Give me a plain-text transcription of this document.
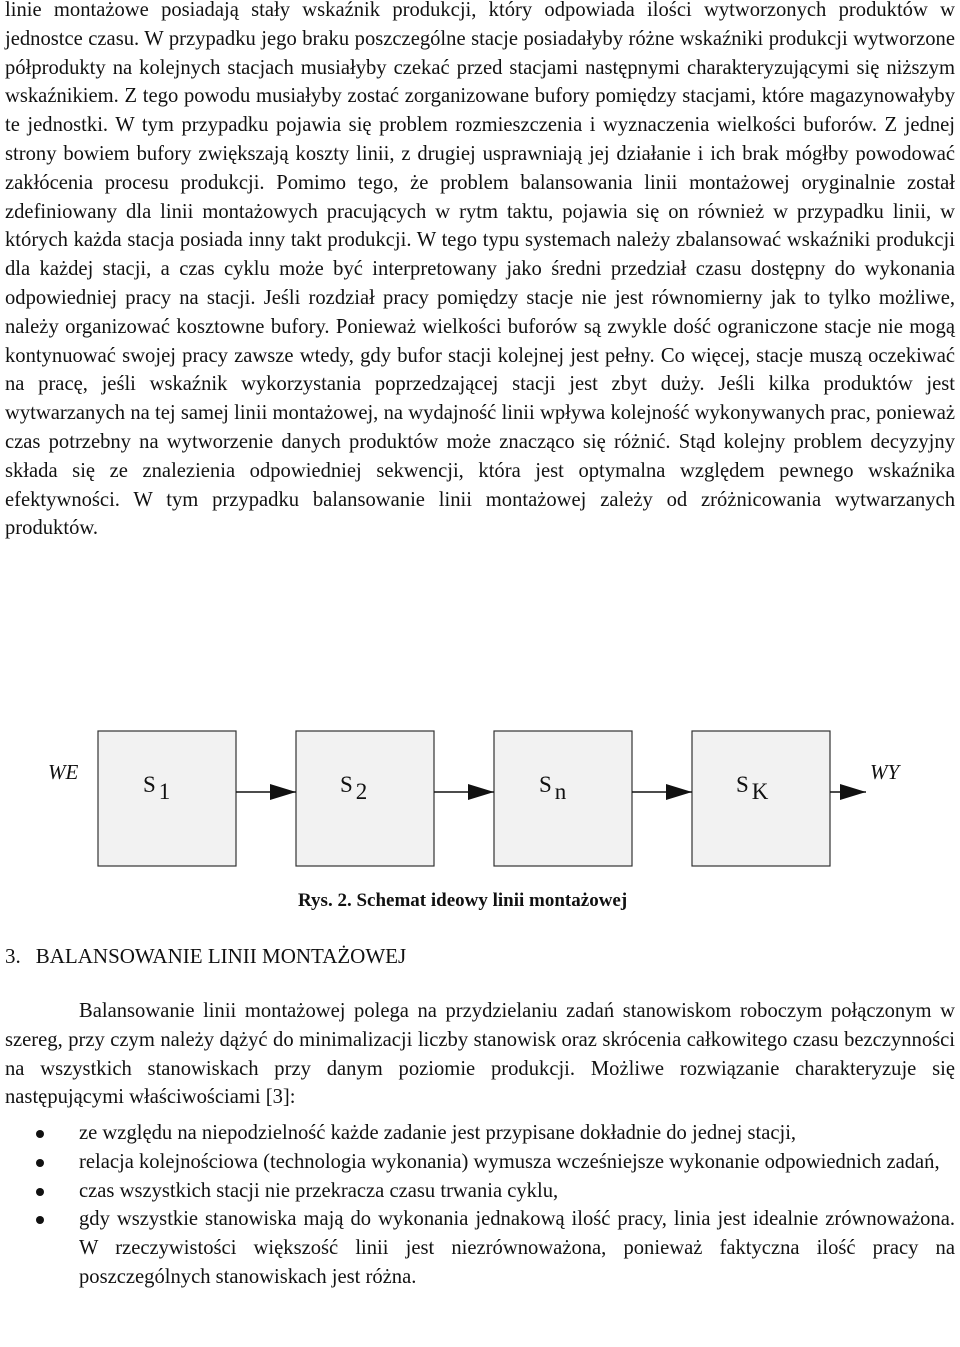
linie montażowe posiadają stały wskaźnik produkcji, który odpowiada ilości wytworzonych produktów w jednostce czasu. W przypadku jego braku poszczególne stacje posiadałyby różne wskaźniki produkcji wytworzone półprodukty na kolejnych stacjach musiałyby czekać przed stacjami następnymi charakteryzującymi się niższym wskaźnikiem. Z tego powodu musiałyby zostać zorganizowane bufory pomiędzy stacjami, które magazynowałyby te jednostki. W tym przypadku pojawia się problem rozmieszczenia i wyznaczenia wielkości buforów. Z jednej strony bowiem bufory zwiększają koszty linii, z drugiej usprawniają jej działanie i ich brak mógłby powodować zakłócenia procesu produkcji. Pomimo tego, że problem balansowania linii montażowej oryginalnie został zdefiniowany dla linii montażowych pracujących w rytm taktu, pojawia się on również w przypadku linii, w których każda stacja posiada inny takt produkcji. W tego typu systemach należy zbalansować wskaźniki produkcji dla każdej stacji, a czas cyklu może być interpretowany jako średni przedział czasu dostępny do wykonania odpowiedniej pracy na stacji. Jeśli rozdział pracy pomiędzy stacje nie jest równomierny jak to tylko możliwe, należy organizować kosztowne bufory. Ponieważ wielkości buforów są zwykle dość ograniczone stacje nie mogą kontynuować swojej pracy zawsze wtedy, gdy bufor stacji kolejnej jest pełny. Co więcej, stacje muszą oczekiwać na pracę, jeśli wskaźnik wykorzystania poprzedzającej stacji jest zbyt duży. Jeśli kilka produktów jest wytwarzanych na tej samej linii montażowej, na wydajność linii wpływa kolejność wykonywanych prac, ponieważ czas potrzebny na wytworzenie danych produktów może znacząco się różnić. Stąd kolejny problem decyzyjny składa się ze znalezienia odpowiedniej sekwencji, która jest optymalna względem pewnego wskaźnika efektywności. W tym przypadku balansowanie linii montażowej zależy od zróżnicowania wytwarzanych produktów.

WE	WY
S 1	S 2	S n	S K
Rys. 2. Schemat ideowy linii montażowej
3. BALANSOWANIE LINII MONTAŻOWEJ

Balansowanie linii montażowej polega na przydzielaniu zadań stanowiskom roboczym połączonym w szereg, przy czym należy dążyć do minimalizacji liczby stanowisk oraz skrócenia całkowitego czasu bezczynności na wszystkich stanowiskach przy danym poziomie produkcji. Możliwe rozwiązanie charakteryzuje się następującymi właściwościami [3]:

ze względu na niepodzielność każde zadanie jest przypisane dokładnie do jednej stacji,
relacja kolejnościowa (technologia wykonania) wymusza wcześniejsze wykonanie odpowiednich zadań,
czas wszystkich stacji nie przekracza czasu trwania cyklu,
gdy wszystkie stanowiska mają do wykonania jednakową ilość pracy, linia jest idealnie zrównoważona. W rzeczywistości większość linii jest niezrównoważona, ponieważ faktyczna ilość pracy na poszczególnych stanowiskach jest różna.
